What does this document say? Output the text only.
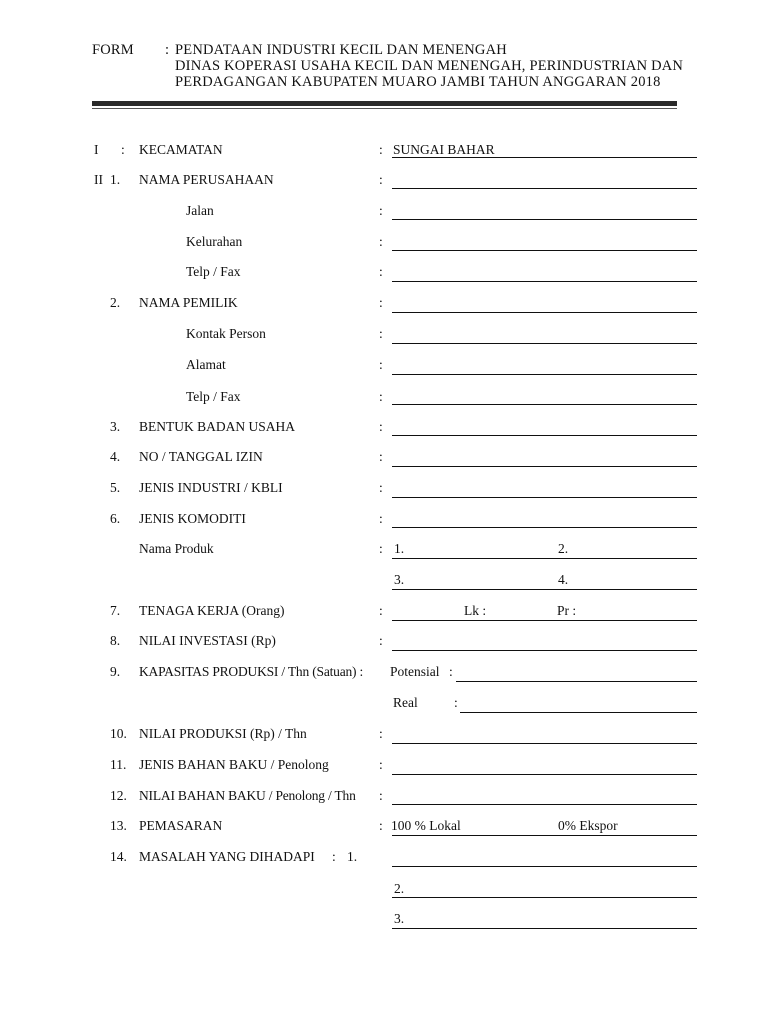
FORM : PENDATAAN INDUSTRI KECIL DAN MENENGAH
DINAS KOPERASI USAHA KECIL DAN MENENGAH, PERINDUSTRIAN DAN
PERDAGANGAN KABUPATEN MUARO JAMBI TAHUN ANGGARAN 2018
I : KECAMATAN	: SUNGAI BAHAR
II 1. NAMA PERUSAHAAN	:
Jalan	:
Kelurahan	:
Telp / Fax	:
2. NAMA PEMILIK	:
Kontak Person	:
Alamat	:
Telp / Fax	:
3. BENTUK BADAN USAHA	:
4. NO / TANGGAL IZIN	:
5. JENIS INDUSTRI / KBLI	:
6. JENIS KOMODITI	:
Nama Produk	: 1.	2.
3.	4.
7. TENAGA KERJA (Orang)	:	Lk :	Pr :
8. NILAI INVESTASI (Rp)	:
9. KAPASITAS PRODUKSI / Thn (Satuan) : Potensial :
Real	:
10. NILAI PRODUKSI (Rp) / Thn	:
11. JENIS BAHAN BAKU / Penolong	:
12. NILAI BAHAN BAKU / Penolong / Thn :
13. PEMASARAN	: 100 % Lokal	0% Ekspor
14. MASALAH YANG DIHADAPI : 1.
2.
3.
